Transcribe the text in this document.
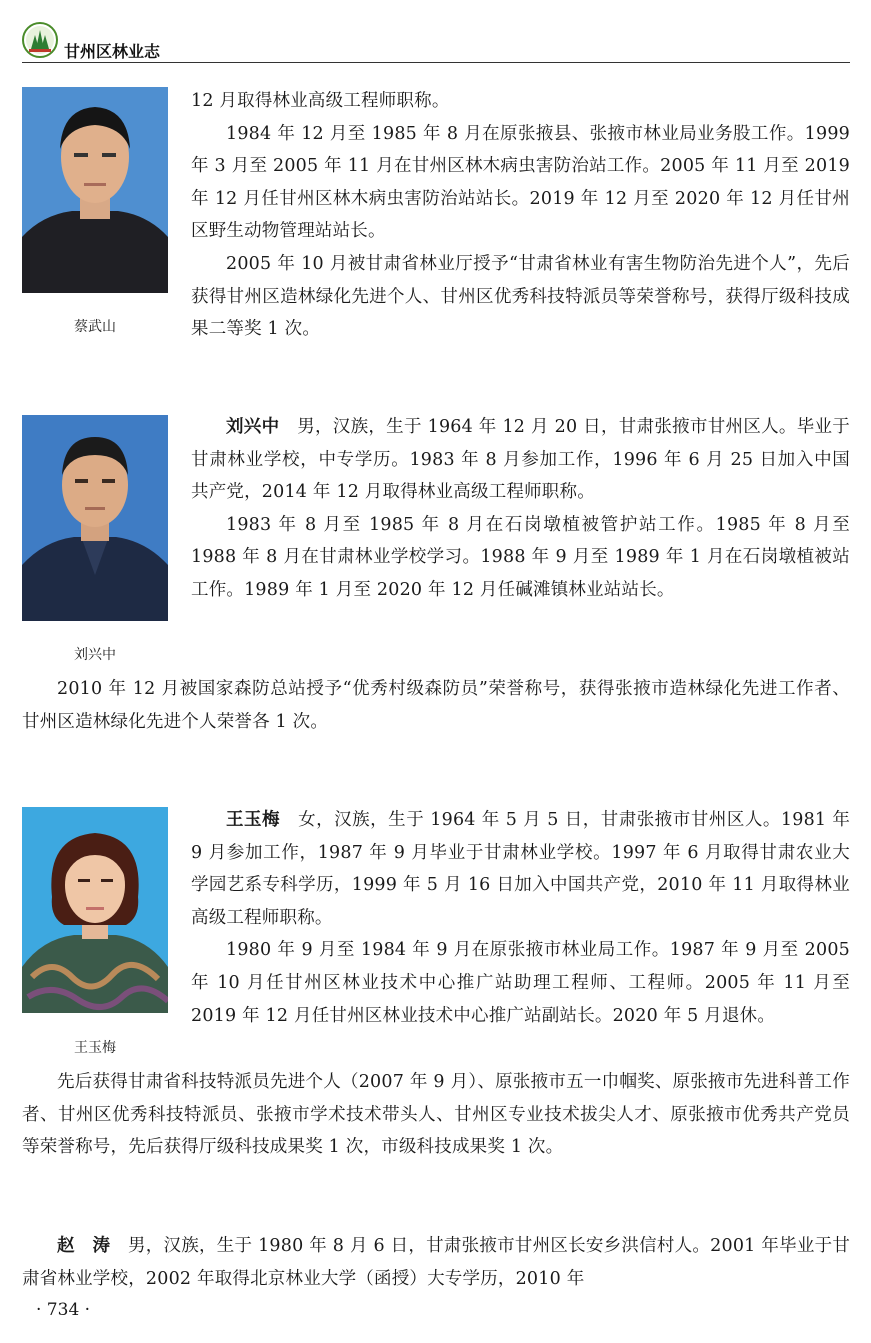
甘州区林业志
蔡武山

12 月取得林业高级工程师职称。

1984 年 12 月至 1985 年 8 月在原张掖县、张掖市林业局业务股工作。1999 年 3 月至 2005 年 11 月在甘州区林木病虫害防治站工作。2005 年 11 月至 2019 年 12 月任甘州区林木病虫害防治站站长。2019 年 12 月至 2020 年 12 月任甘州区野生动物管理站站长。

2005 年 10 月被甘肃省林业厅授予“甘肃省林业有害生物防治先进个人”，先后获得甘州区造林绿化先进个人、甘州区优秀科技特派员等荣誉称号，获得厅级科技成果二等奖 1 次。

刘兴中

刘兴中　 男，汉族，生于 1964 年 12 月 20 日，甘肃张掖市甘州区人。毕业于甘肃林业学校，中专学历。1983 年 8 月参加工作，1996 年 6 月 25 日加入中国共产党，2014 年 12 月取得林业高级工程师职称。

1983 年 8 月至 1985 年 8 月在石岗墩植被管护站工作。1985 年 8 月至 1988 年 8 月在甘肃林业学校学习。1988 年 9 月至 1989 年 1 月在石岗墩植被站工作。1989 年 1 月至 2020 年 12 月任碱滩镇林业站站长。

2010 年 12 月被国家森防总站授予“优秀村级森防员”荣誉称号，获得张掖市造林绿化先进工作者、甘州区造林绿化先进个人荣誉各 1 次。

王玉梅

王玉梅　 女，汉族，生于 1964 年 5 月 5 日，甘肃张掖市甘州区人。1981 年 9 月参加工作，1987 年 9 月毕业于甘肃林业学校。1997 年 6 月取得甘肃农业大学园艺系专科学历，1999 年 5 月 16 日加入中国共产党，2010 年 11 月取得林业高级工程师职称。

1980 年 9 月至 1984 年 9 月在原张掖市林业局工作。1987 年 9 月至 2005 年 10 月任甘州区林业技术中心推广站助理工程师、工程师。2005 年 11 月至 2019 年 12 月任甘州区林业技术中心推广站副站长。2020 年 5 月退休。

先后获得甘肃省科技特派员先进个人（2007 年 9 月）、原张掖市五一巾帼奖、原张掖市先进科普工作者、甘州区优秀科技特派员、张掖市学术技术带头人、甘州区专业技术拔尖人才、原张掖市优秀共产党员等荣誉称号，先后获得厅级科技成果奖 1 次，市级科技成果奖 1 次。

赵　涛　 男，汉族，生于 1980 年 8 月 6 日，甘肃张掖市甘州区长安乡洪信村人。2001 年毕业于甘肃省林业学校，2002 年取得北京林业大学（函授）大专学历，2010 年

· 734 ·
